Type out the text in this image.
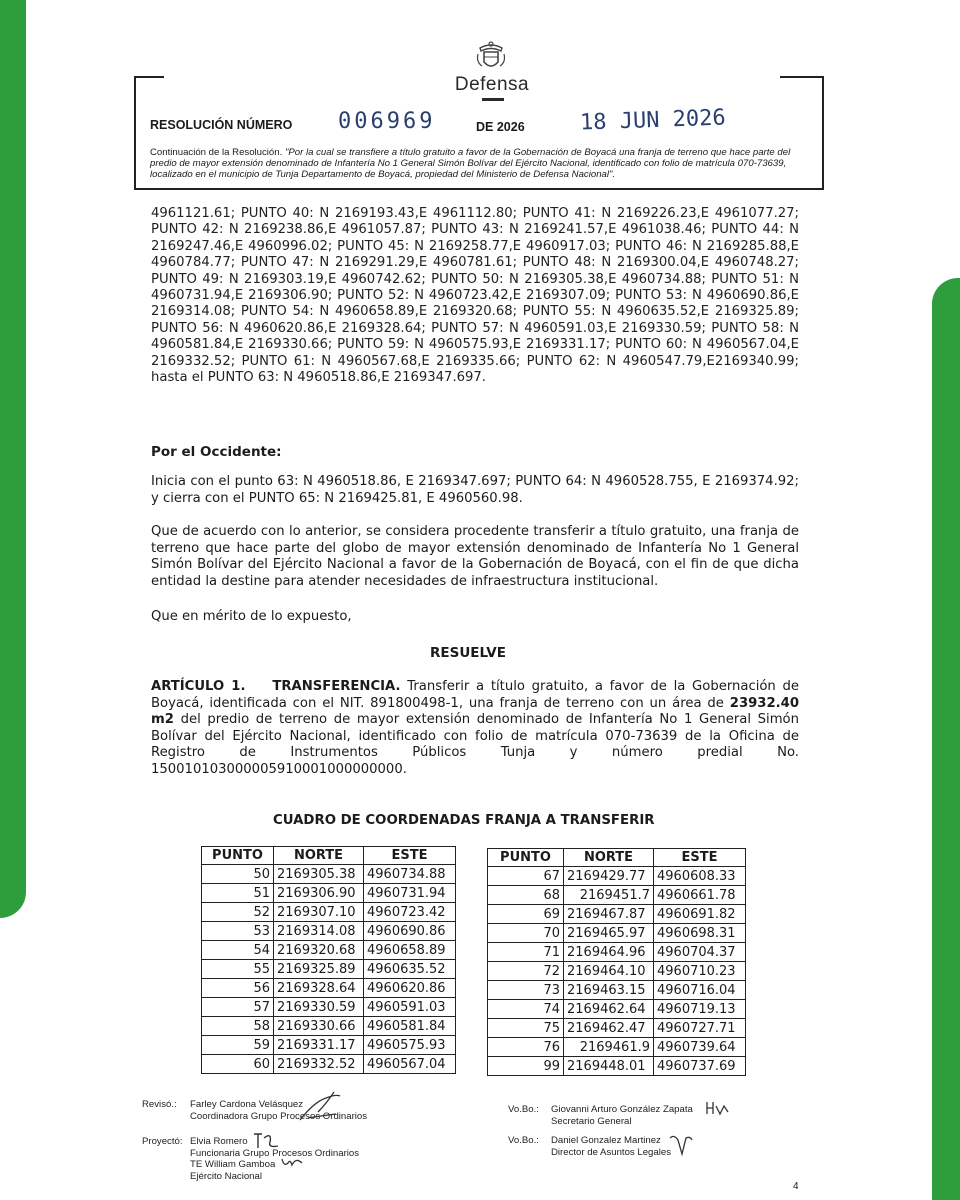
Defensa
RESOLUCIÓN NÚMERO 006969	DE 2026 18 JUN 2026
Continuación de la Resolución. "Por la cual se transfiere a título gratuito a favor de la Gobernación de Boyacá una franja de terreno que hace parte del predio de mayor extensión denominado de Infantería No 1 General Simón Bolívar del Ejército Nacional, identificado con folio de matrícula 070-73639, localizado en el municipio de Tunja Departamento de Boyacá, propiedad del Ministerio de Defensa Nacional".

4961121.61; PUNTO 40: N 2169193.43,E 4961112.80; PUNTO 41: N 2169226.23,E 4961077.27; PUNTO 42: N 2169238.86,E 4961057.87; PUNTO 43: N 2169241.57,E 4961038.46; PUNTO 44: N 2169247.46,E 4960996.02; PUNTO 45: N 2169258.77,E 4960917.03; PUNTO 46: N 2169285.88,E 4960784.77; PUNTO 47: N 2169291.29,E 4960781.61; PUNTO 48: N 2169300.04,E 4960748.27; PUNTO 49: N 2169303.19,E 4960742.62; PUNTO 50: N 2169305.38,E 4960734.88; PUNTO 51: N 4960731.94,E 2169306.90; PUNTO 52: N 4960723.42,E 2169307.09; PUNTO 53: N 4960690.86,E 2169314.08; PUNTO 54: N 4960658.89,E 2169320.68; PUNTO 55: N 4960635.52,E 2169325.89; PUNTO 56: N 4960620.86,E 2169328.64; PUNTO 57: N 4960591.03,E 2169330.59; PUNTO 58: N 4960581.84,E 2169330.66; PUNTO 59: N 4960575.93,E 2169331.17; PUNTO 60: N 4960567.04,E 2169332.52; PUNTO 61: N 4960567.68,E 2169335.66; PUNTO 62: N 4960547.79,E2169340.99; hasta el PUNTO 63: N 4960518.86,E 2169347.697.

Por el Occidente:

Inicia con el punto 63: N 4960518.86, E 2169347.697; PUNTO 64: N 4960528.755, E 2169374.92; y cierra con el PUNTO 65: N 2169425.81, E 4960560.98.

Que de acuerdo con lo anterior, se considera procedente transferir a título gratuito, una franja de terreno que hace parte del globo de mayor extensión denominado de Infantería No 1 General Simón Bolívar del Ejército Nacional a favor de la Gobernación de Boyacá, con el fin de que dicha entidad la destine para atender necesidades de infraestructura institucional.

Que en mérito de lo expuesto,

RESUELVE

ARTÍCULO 1. TRANSFERENCIA. Transferir a título gratuito, a favor de la Gobernación de Boyacá, identificada con el NIT. 891800498-1, una franja de terreno con un área de 23932.40 m2 del predio de terreno de mayor extensión denominado de Infantería No 1 General Simón Bolívar del Ejército Nacional, identificado con folio de matrícula 070-73639 de la Oficina de Registro de Instrumentos Públicos Tunja y número predial No. 150010103000005910001000000000.

CUADRO DE COORDENADAS FRANJA A TRANSFERIR
PUNTO	NORTE	ESTE
50	2169305.38	4960734.88
51	2169306.90	4960731.94
52	2169307.10	4960723.42
53	2169314.08	4960690.86
54	2169320.68	4960658.89
55	2169325.89	4960635.52
56	2169328.64	4960620.86
57	2169330.59	4960591.03
58	2169330.66	4960581.84
59	2169331.17	4960575.93
60	2169332.52	4960567.04
PUNTO	NORTE	ESTE
67	2169429.77	4960608.33
68	2169451.7	4960661.78
69	2169467.87	4960691.82
70	2169465.97	4960698.31
71	2169464.96	4960704.37
72	2169464.10	4960710.23
73	2169463.15	4960716.04
74	2169462.64	4960719.13
75	2169462.47	4960727.71
76	2169461.9	4960739.64
99	2169448.01	4960737.69
Revisó.: Farley Cardona Velásquez
Coordinadora Grupo Procesos Ordinarios
Proyectó: Elvia Romero
Funcionaria Grupo Procesos Ordinarios
TE William Gamboa
Ejército Nacional
Vo.Bo.: Giovanni Arturo González Zapata
Secretario General
Vo.Bo.: Daniel Gonzalez Martinez
Director de Asuntos Legales
4
